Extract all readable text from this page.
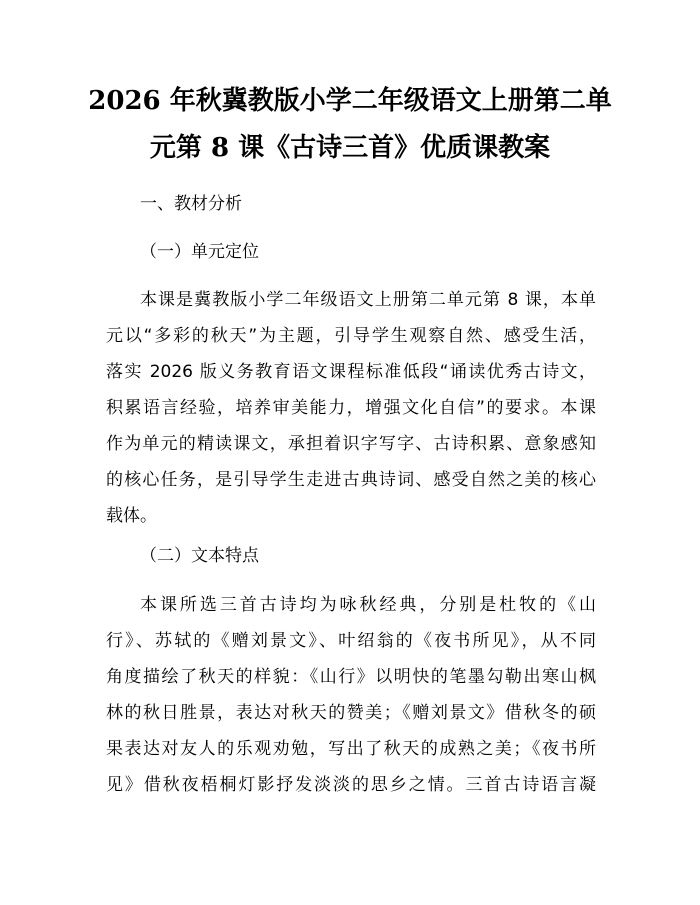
2026 年秋冀教版小学二年级语文上册第二单
元第 8 课《古诗三首》优质课教案
一、教材分析
（一）单元定位
本课是冀教版小学二年级语文上册第二单元第 8 课，本单
元以“多彩的秋天”为主题，引导学生观察自然、感受生活，
落实 2026 版义务教育语文课程标准低段“诵读优秀古诗文，
积累语言经验，培养审美能力，增强文化自信”的要求。本课
作为单元的精读课文，承担着识字写字、古诗积累、意象感知
的核心任务，是引导学生走进古典诗词、感受自然之美的核心
载体。
（二）文本特点
本课所选三首古诗均为咏秋经典，分别是杜牧的《山
行》、苏轼的《赠刘景文》、叶绍翁的《夜书所见》，从不同
角度描绘了秋天的样貌：《山行》以明快的笔墨勾勒出寒山枫
林的秋日胜景，表达对秋天的赞美；《赠刘景文》借秋冬的硕
果表达对友人的乐观劝勉，写出了秋天的成熟之美；《夜书所
见》借秋夜梧桐灯影抒发淡淡的思乡之情。三首古诗语言凝
